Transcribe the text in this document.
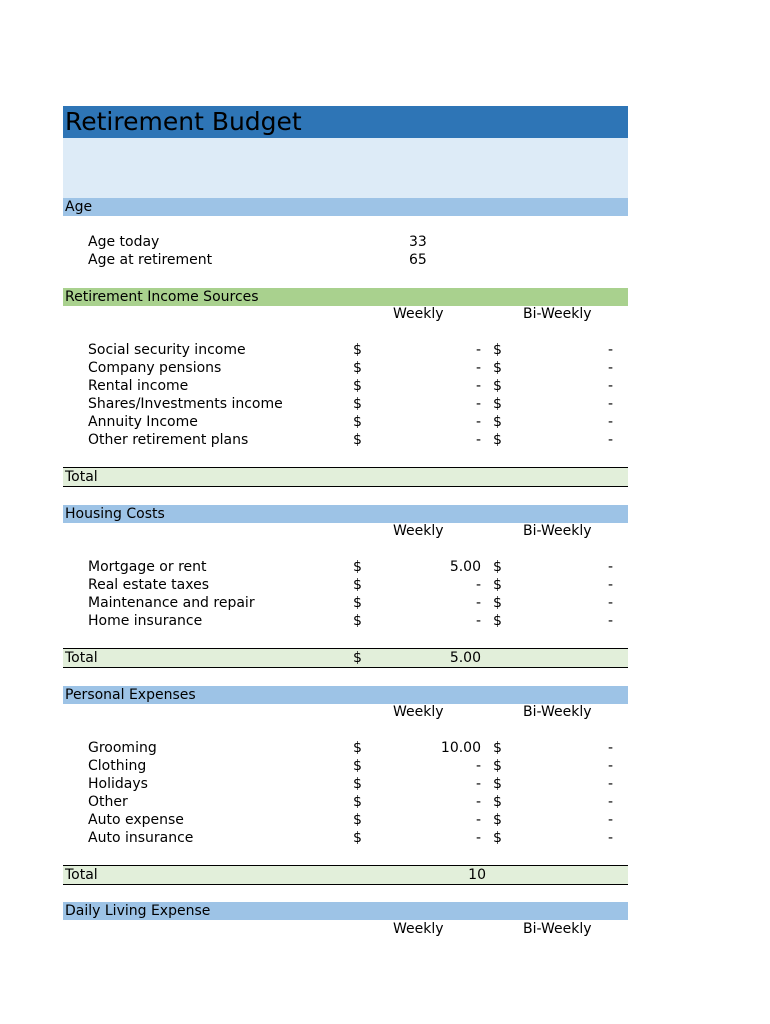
Retirement Budget
Age
Age today	33
Age at retirement	65
Retirement Income Sources
Weekly	Bi-Weekly
Social security income	$	- $	-
Company pensions	$	- $	-
Rental income	$	- $	-
Shares/Investments income	$	- $	-
Annuity Income	$	- $	-
Other retirement plans	$	- $	-
Total
Housing Costs
Weekly	Bi-Weekly
Mortgage or rent	$	5.00 $	-
Real estate taxes	$	- $	-
Maintenance and repair	$	- $	-
Home insurance	$	- $	-
Total	$	5.00
Personal Expenses
Weekly	Bi-Weekly
Grooming	$	10.00 $	-
Clothing	$	- $	-
Holidays	$	- $	-
Other	$	- $	-
Auto expense	$	- $	-
Auto insurance	$	- $	-
Total	10
Daily Living Expense
Weekly	Bi-Weekly
